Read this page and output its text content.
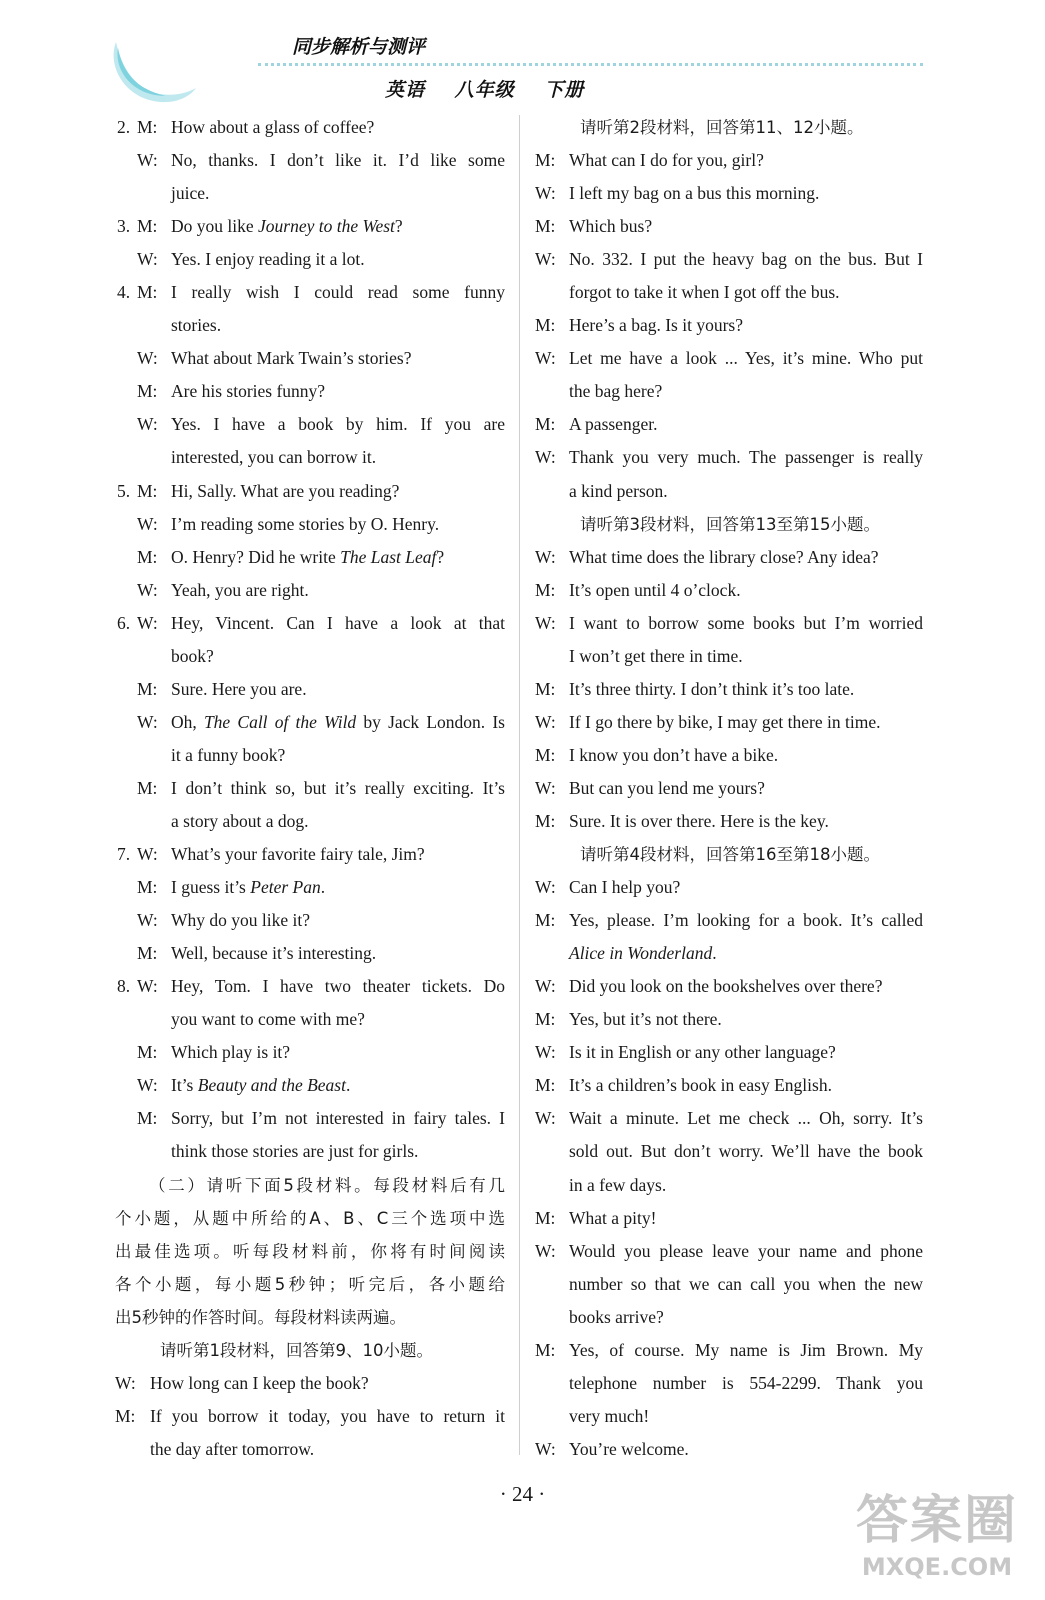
同步解析与测评
英语 八年级 下册
2. M: How about a glass of coffee?
W: No, thanks. I don’t like it. I’d like some
juice.
3. M: Do you like Journey to the West?
W: Yes. I enjoy reading it a lot.
4. M: I really wish I could read some funny
stories.
W: What about Mark Twain’s stories?
M: Are his stories funny?
W: Yes. I have a book by him. If you are
interested, you can borrow it.
5. M: Hi, Sally. What are you reading?
W: I’m reading some stories by O. Henry.
M: O. Henry? Did he write The Last Leaf?
W: Yeah, you are right.
6. W: Hey, Vincent. Can I have a look at that
book?
M: Sure. Here you are.
W: Oh, The Call of the Wild by Jack London. Is
it a funny book?
M: I don’t think so, but it’s really exciting. It’s
a story about a dog.
7. W: What’s your favorite fairy tale, Jim?
M: I guess it’s Peter Pan.
W: Why do you like it?
M: Well, because it’s interesting.
8. W: Hey, Tom. I have two theater tickets. Do
you want to come with me?
M: Which play is it?
W: It’s Beauty and the Beast.
M: Sorry, but I’m not interested in fairy tales. I
think those stories are just for girls.
（二）请听下面5段材料。每段材料后有几
个小题，从题中所给的A、B、C三个选项中选
出最佳选项。听每段材料前，你将有时间阅读
各个小题，每小题5秒钟；听完后，各小题给
出5秒钟的作答时间。每段材料读两遍。
请听第1段材料，回答第9、10小题。
W: How long can I keep the book?
M: If you borrow it today, you have to return it
the day after tomorrow.
请听第2段材料，回答第11、12小题。
M: What can I do for you, girl?
W: I left my bag on a bus this morning.
M: Which bus?
W: No. 332. I put the heavy bag on the bus. But I
forgot to take it when I got off the bus.
M: Here’s a bag. Is it yours?
W: Let me have a look ... Yes, it’s mine. Who put
the bag here?
M: A passenger.
W: Thank you very much. The passenger is really
a kind person.
请听第3段材料，回答第13至第15小题。
W: What time does the library close? Any idea?
M: It’s open until 4 o’clock.
W: I want to borrow some books but I’m worried
I won’t get there in time.
M: It’s three thirty. I don’t think it’s too late.
W: If I go there by bike, I may get there in time.
M: I know you don’t have a bike.
W: But can you lend me yours?
M: Sure. It is over there. Here is the key.
请听第4段材料，回答第16至第18小题。
W: Can I help you?
M: Yes, please. I’m looking for a book. It’s called
Alice in Wonderland.
W: Did you look on the bookshelves over there?
M: Yes, but it’s not there.
W: Is it in English or any other language?
M: It’s a children’s book in easy English.
W: Wait a minute. Let me check ... Oh, sorry. It’s
sold out. But don’t worry. We’ll have the book
in a few days.
M: What a pity!
W: Would you please leave your name and phone
number so that we can call you when the new
books arrive?
M: Yes, of course. My name is Jim Brown. My
telephone number is 554-2299. Thank you
very much!
W: You’re welcome.
· 24 ·	答案圈
MXQE.COM
